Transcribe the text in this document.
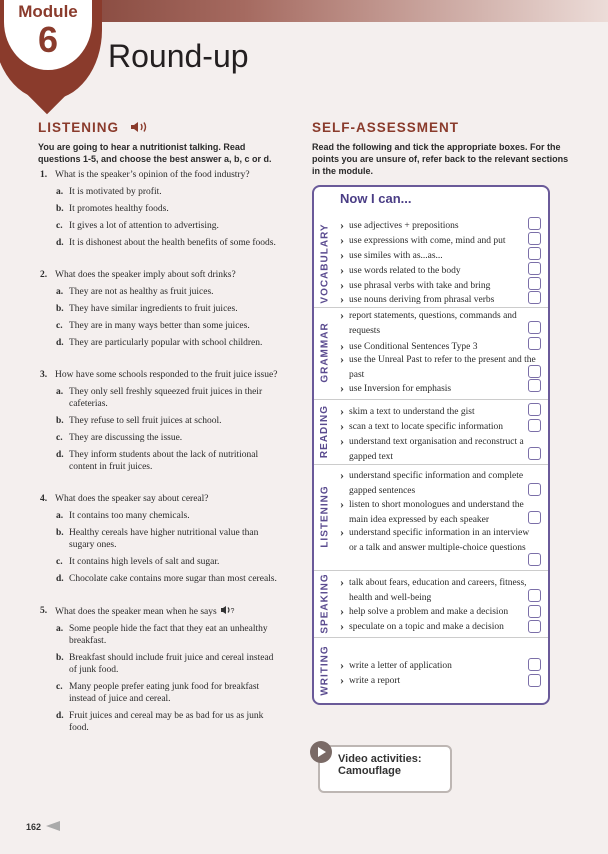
Module
6	Round-up
LISTENING
You are going to hear a nutritionist talking. Read questions 1-5, and choose the best answer a, b, c or d.
1. What is the speaker’s opinion of the food industry?
a. It is motivated by profit.
b. It promotes healthy foods.
c. It gives a lot of attention to advertising.
d. It is dishonest about the health benefits of some foods.
2. What does the speaker imply about soft drinks?
a. They are not as healthy as fruit juices.
b. They have similar ingredients to fruit juices.
c. They are in many ways better than some juices.
d. They are particularly popular with school children.
3. How have some schools responded to the fruit juice issue?
a. They only sell freshly squeezed fruit juices in their cafeterias.
b. They refuse to sell fruit juices at school.
c. They are discussing the issue.
d. They inform students about the lack of nutritional content in fruit juices.
4. What does the speaker say about cereal?
a. It contains too many chemicals.
b. Healthy cereals have higher nutritional value than sugary ones.
c. It contains high levels of salt and sugar.
d. Chocolate cake contains more sugar than most cereals.
5. What does the speaker mean when he says ?
a. Some people hide the fact that they eat an unhealthy breakfast.
b. Breakfast should include fruit juice and cereal instead of junk food.
c. Many people prefer eating junk food for breakfast instead of juice and cereal.
d. Fruit juices and cereal may be as bad for us as junk food.
SELF-ASSESSMENT
Read the following and tick the appropriate boxes. For the points you are unsure of, refer back to the relevant sections in the module.
Now I can...
VOCABULARY	› use adjectives + prepositions
› use expressions with come, mind and put
› use similes with as...as...
› use words related to the body
› use phrasal verbs with take and bring
› use nouns deriving from phrasal verbs
GRAMMAR
› report statements, questions, commands and requests
› use Conditional Sentences Type 3
› use the Unreal Past to refer to the present and the past
› use Inversion for emphasis
READING	› skim a text to understand the gist
› scan a text to locate specific information
› understand text organisation and reconstruct a gapped text
LISTENING
› understand specific information and complete gapped sentences
› listen to short monologues and understand the main idea expressed by each speaker
› understand specific information in an interview or a talk and answer multiple-choice questions
SPEAKING	› talk about fears, education and careers, fitness, health and well-being
› help solve a problem and make a decision
› speculate on a topic and make a decision
WRITING	› write a letter of application
› write a report
Video activities:
Camouflage
162
